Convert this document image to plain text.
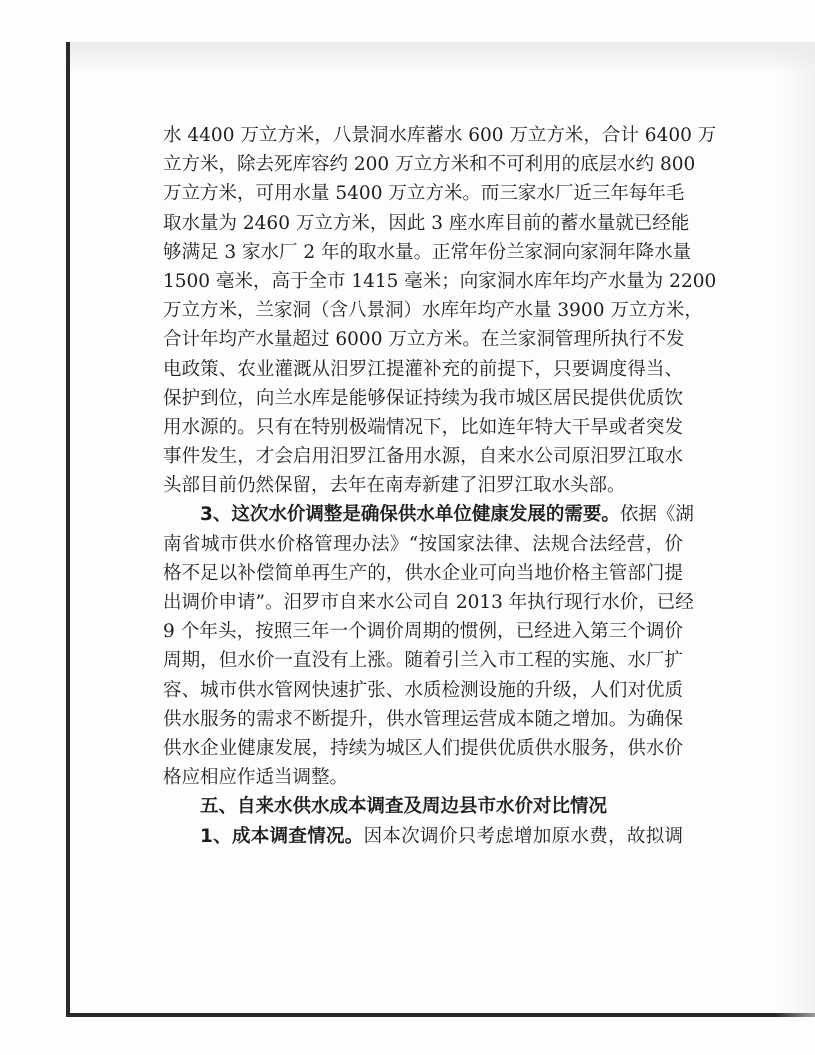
水 4400 万立方米，八景洞水库蓄水 600 万立方米，合计 6400 万
立方米，除去死库容约 200 万立方米和不可利用的底层水约 800
万立方米，可用水量 5400 万立方米。而三家水厂近三年每年毛
取水量为 2460 万立方米，因此 3 座水库目前的蓄水量就已经能
够满足 3 家水厂 2 年的取水量。正常年份兰家洞向家洞年降水量
1500 毫米，高于全市 1415 毫米；向家洞水库年均产水量为 2200
万立方米，兰家洞（含八景洞）水库年均产水量 3900 万立方米，
合计年均产水量超过 6000 万立方米。在兰家洞管理所执行不发
电政策、农业灌溉从汨罗江提灌补充的前提下，只要调度得当、
保护到位，向兰水库是能够保证持续为我市城区居民提供优质饮
用水源的。只有在特别极端情况下，比如连年特大干旱或者突发
事件发生，才会启用汨罗江备用水源，自来水公司原汨罗江取水
头部目前仍然保留，去年在南寿新建了汨罗江取水头部。
3、这次水价调整是确保供水单位健康发展的需要。依据《湖
南省城市供水价格管理办法》“按国家法律、法规合法经营，价
格不足以补偿简单再生产的，供水企业可向当地价格主管部门提
出调价申请”。汨罗市自来水公司自 2013 年执行现行水价，已经
9 个年头，按照三年一个调价周期的惯例，已经进入第三个调价
周期，但水价一直没有上涨。随着引兰入市工程的实施、水厂扩
容、城市供水管网快速扩张、水质检测设施的升级，人们对优质
供水服务的需求不断提升，供水管理运营成本随之增加。为确保
供水企业健康发展，持续为城区人们提供优质供水服务，供水价
格应相应作适当调整。
五、自来水供水成本调查及周边县市水价对比情况
1、成本调查情况。因本次调价只考虑增加原水费，故拟调
